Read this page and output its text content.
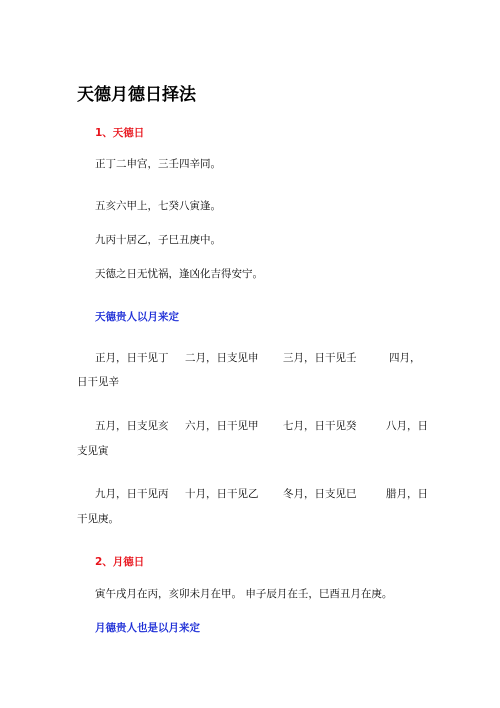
天德月德日择法
1、天德日
正丁二申宫，三壬四辛同。
五亥六甲上，七癸八寅逢。
九丙十居乙，子巳丑庚中。
天德之日无忧祸，逢凶化吉得安宁。
天德贵人以月来定
正月，日干见丁 二月，日支见申 三月，日干见壬	四月，
日干见辛
五月，日支见亥 六月，日干见甲 七月，日干见癸	八月，日
支见寅
九月，日干见丙 十月，日干见乙 冬月，日支见巳	腊月，日
干见庚。
2、月德日
寅午戌月在丙，亥卯未月在甲。 申子辰月在壬，巳酉丑月在庚。
月德贵人也是以月来定
